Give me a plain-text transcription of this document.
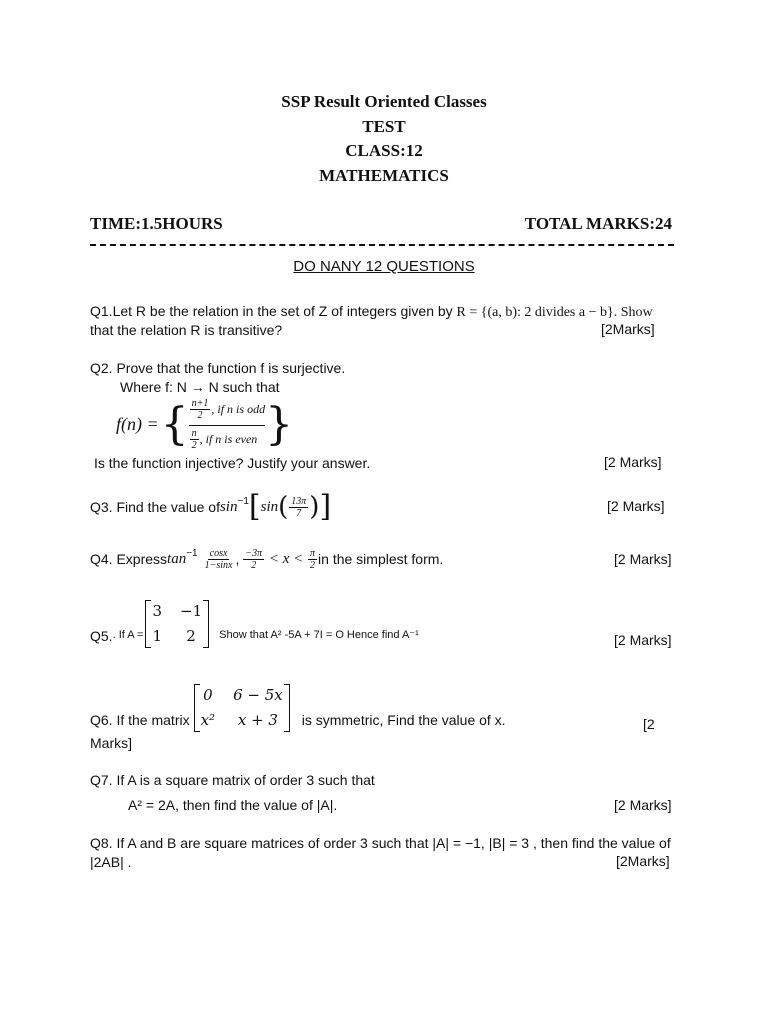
SSP Result Oriented Classes
TEST
CLASS:12
MATHEMATICS
TIME:1.5HOURS	TOTAL MARKS:24
DO NANY 12 QUESTIONS
Q1.Let R be the relation in the set of Z of integers given by R = {(a, b): 2 divides a − b}. Show
that the relation R is transitive?	[2Marks]
Q2. Prove that the function f is surjective.
Where f: N → N such that
f(n) = { $\frac{n+1}{2}$ , if n is odd
$\frac{n}{2}$ , if n is even }
Is the function injective? Justify your answer.	[2 Marks]
Q3. Find the value of $\sin^{-1}$ [ sin ( $\frac{13\pi}{7}$ ) ]	[2 Marks]
Q4. Express $\tan^{-1} \frac{\cos x}{1-\sin x}$ , $\frac{-3\pi}{2} < x < \frac{\pi}{2}$ in the simplest form.	[2 Marks]
Q5. . If A =
3 −1
1	2	Show that A² -5A + 7I = O Hence find A⁻¹	[2 Marks]
Q6. If the matrix
0 6 − 5x
x²	x + 3	is symmetric, Find the value of x.	[2
Marks]
Q7. If A is a square matrix of order 3 such that
A² = 2A, then find the value of |A|.	[2 Marks]
Q8. If A and B are square matrices of order 3 such that |A| = −1, |B| = 3 , then find the value of
|2AB| .	[2Marks]
